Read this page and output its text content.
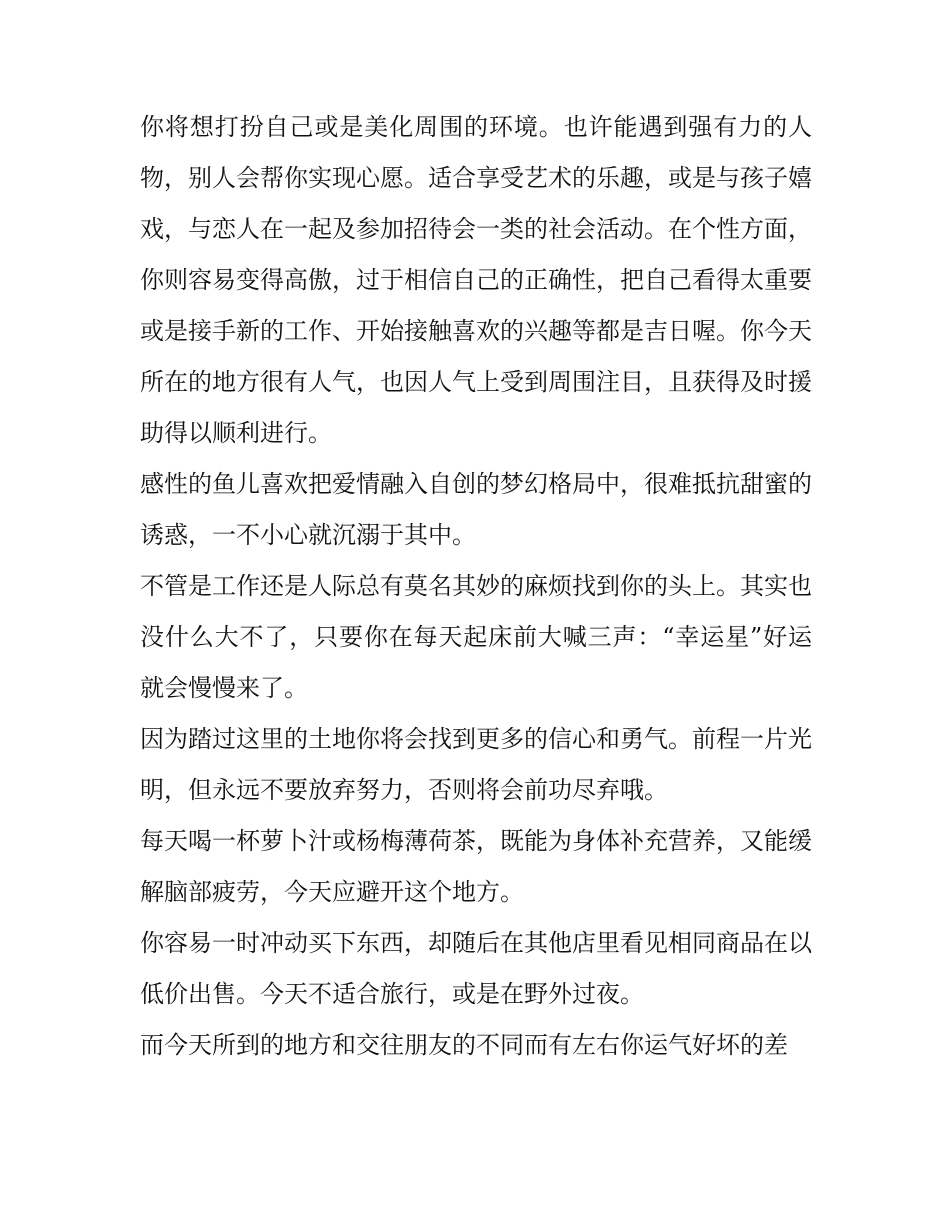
你将想打扮自己或是美化周围的环境。也许能遇到强有力的人物，别人会帮你实现心愿。适合享受艺术的乐趣，或是与孩子嬉戏，与恋人在一起及参加招待会一类的社会活动。在个性方面，你则容易变得高傲，过于相信自己的正确性，把自己看得太重要

或是接手新的工作、开始接触喜欢的兴趣等都是吉日喔。你今天所在的地方很有人气，也因人气上受到周围注目，且获得及时援助得以顺利进行。

感性的鱼儿喜欢把爱情融入自创的梦幻格局中，很难抵抗甜蜜的诱惑，一不小心就沉溺于其中。

不管是工作还是人际总有莫名其妙的麻烦找到你的头上。其实也没什么大不了，只要你在每天起床前大喊三声：“幸运星”好运就会慢慢来了。

因为踏过这里的土地你将会找到更多的信心和勇气。前程一片光明，但永远不要放弃努力，否则将会前功尽弃哦。

每天喝一杯萝卜汁或杨梅薄荷茶，既能为身体补充营养，又能缓解脑部疲劳，今天应避开这个地方。

你容易一时冲动买下东西，却随后在其他店里看见相同商品在以低价出售。今天不适合旅行，或是在野外过夜。

而今天所到的地方和交往朋友的不同而有左右你运气好坏的差
